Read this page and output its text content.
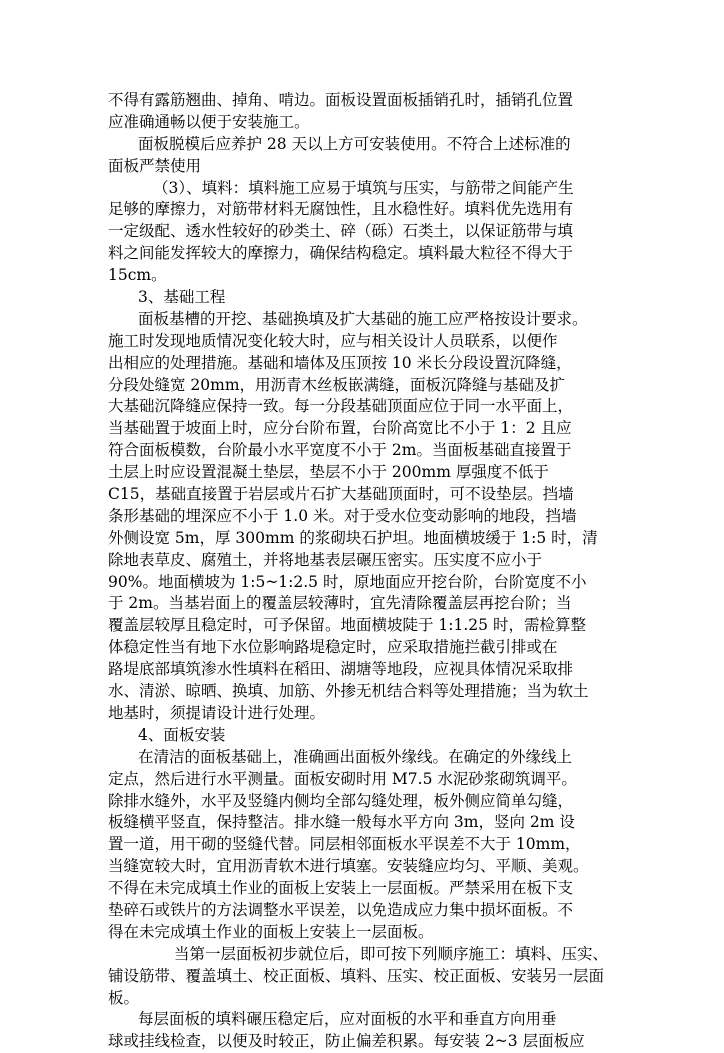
不得有露筋翘曲、掉角、啃边。面板设置面板插销孔时，插销孔位置
应准确通畅以便于安装施工。
面板脱模后应养护 28 天以上方可安装使用。不符合上述标准的
面板严禁使用
（3）、填料：填料施工应易于填筑与压实，与筋带之间能产生
足够的摩擦力，对筋带材料无腐蚀性，且水稳性好。填料优先选用有
一定级配、透水性较好的砂类土、碎（砾）石类土，以保证筋带与填
料之间能发挥较大的摩擦力，确保结构稳定。填料最大粒径不得大于
15cm。
3、基础工程
面板基槽的开挖、基础换填及扩大基础的施工应严格按设计要求。
施工时发现地质情况变化较大时，应与相关设计人员联系，以便作
出相应的处理措施。基础和墙体及压顶按 10 米长分段设置沉降缝，
分段处缝宽 20mm，用沥青木丝板嵌满缝，面板沉降缝与基础及扩
大基础沉降缝应保持一致。每一分段基础顶面应位于同一水平面上，
当基础置于坡面上时，应分台阶布置，台阶高宽比不小于 1：2 且应
符合面板模数，台阶最小水平宽度不小于 2m。当面板基础直接置于
土层上时应设置混凝土垫层，垫层不小于 200mm 厚强度不低于
C15，基础直接置于岩层或片石扩大基础顶面时，可不设垫层。挡墙
条形基础的埋深应不小于 1.0 米。对于受水位变动影响的地段，挡墙
外侧设宽 5m，厚 300mm 的浆砌块石护坦。地面横坡缓于 1:5 时，清
除地表草皮、腐殖土，并将地基表层碾压密实。压实度不应小于
90%。地面横坡为 1:5~1:2.5 时，原地面应开挖台阶，台阶宽度不小
于 2m。当基岩面上的覆盖层较薄时，宜先清除覆盖层再挖台阶；当
覆盖层较厚且稳定时，可予保留。地面横坡陡于 1:1.25 时，需检算整
体稳定性当有地下水位影响路堤稳定时，应采取措施拦截引排或在
路堤底部填筑渗水性填料在稻田、湖塘等地段，应视具体情况采取排
水、清淤、晾晒、换填、加筋、外掺无机结合料等处理措施；当为软土
地基时，须提请设计进行处理。
4、面板安装
在清洁的面板基础上，准确画出面板外缘线。在确定的外缘线上
定点，然后进行水平测量。面板安砌时用 M7.5 水泥砂浆砌筑调平。
除排水缝外，水平及竖缝内侧均全部勾缝处理，板外侧应简单勾缝，
板缝横平竖直，保持整洁。排水缝一般每水平方向 3m，竖向 2m 设
置一道，用干砌的竖缝代替。同层相邻面板水平误差不大于 10mm，
当缝宽较大时，宜用沥青软木进行填塞。安装缝应均匀、平顺、美观。
不得在未完成填土作业的面板上安装上一层面板。严禁采用在板下支
垫碎石或铁片的方法调整水平误差，以免造成应力集中损坏面板。不
得在未完成填土作业的面板上安装上一层面板。
当第一层面板初步就位后，即可按下列顺序施工：填料、压实、
铺设筋带、覆盖填土、校正面板、填料、压实、校正面板、安装另一层面
板。
每层面板的填料碾压稳定后，应对面板的水平和垂直方向用垂
球或挂线检查，以便及时较正，防止偏差积累。每安装 2~3 层面板应
